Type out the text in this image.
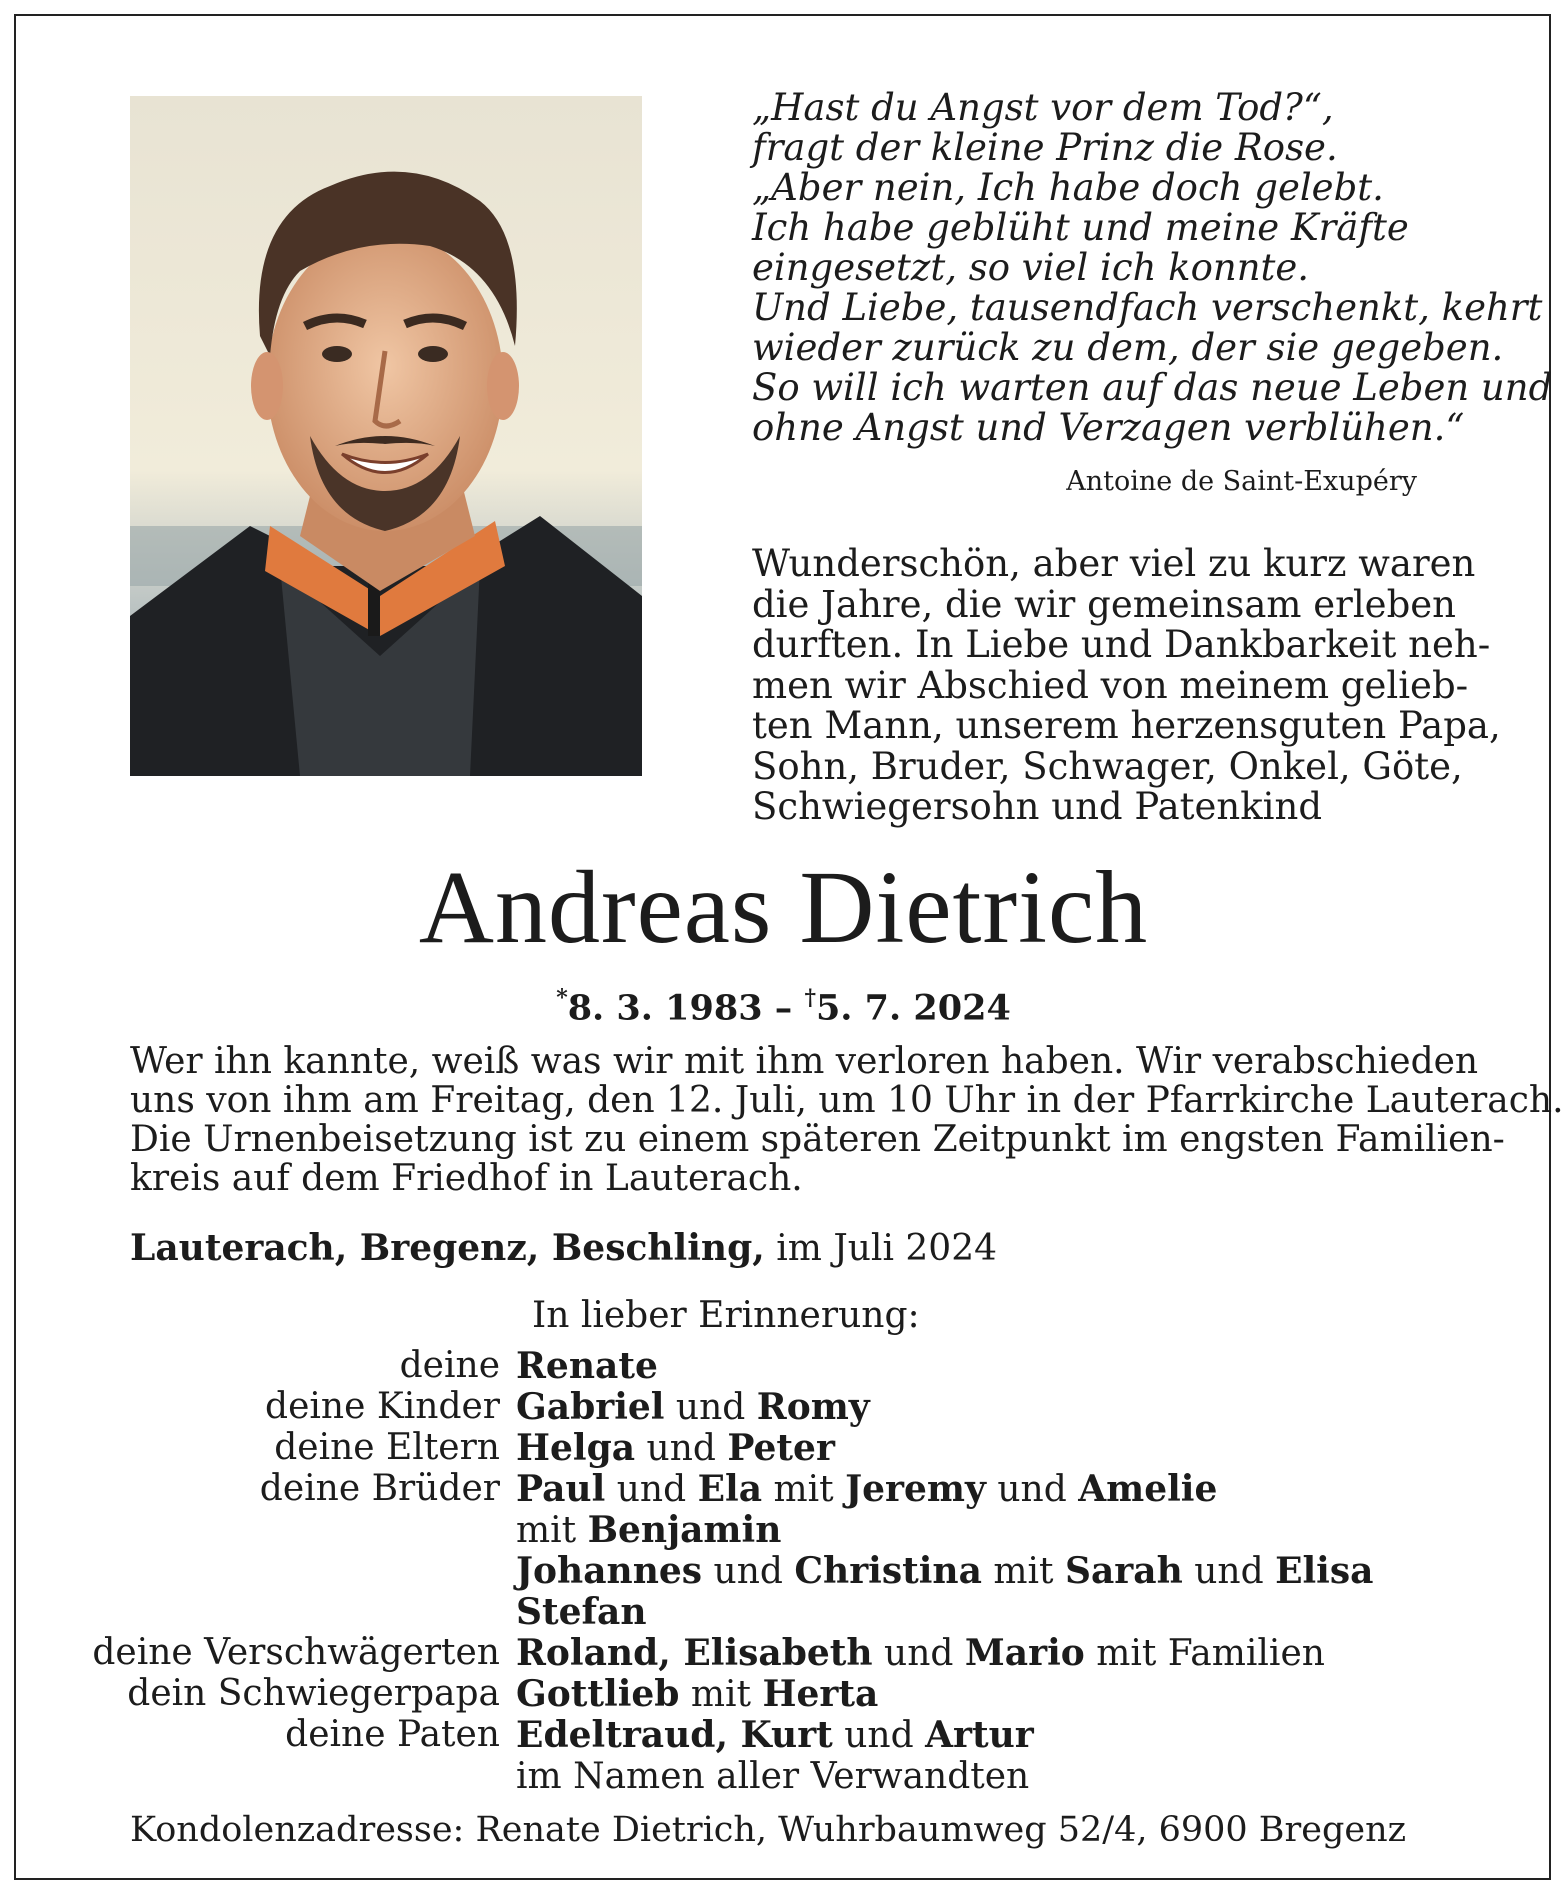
„Hast du Angst vor dem Tod?“,
fragt der kleine Prinz die Rose.
„Aber nein, Ich habe doch gelebt.
Ich habe geblüht und meine Kräfte
eingesetzt, so viel ich konnte.
Und Liebe, tausendfach verschenkt, kehrt
wieder zurück zu dem, der sie gegeben.
So will ich warten auf das neue Leben und
ohne Angst und Verzagen verblühen.“
Antoine de Saint-Exupéry
Wunderschön, aber viel zu kurz waren
die Jahre, die wir gemeinsam erleben
durften. In Liebe und Dankbarkeit neh-
men wir Abschied von meinem gelieb-
ten Mann, unserem herzensguten Papa,
Sohn, Bruder, Schwager, Onkel, Göte,
Schwiegersohn und Patenkind
Andreas Dietrich
*8. 3. 1983 – †5. 7. 2024
Wer ihn kannte, weiß was wir mit ihm verloren haben. Wir verabschieden
uns von ihm am Freitag, den 12. Juli, um 10 Uhr in der Pfarrkirche Lauterach.
Die Urnenbeisetzung ist zu einem späteren Zeitpunkt im engsten Familien-
kreis auf dem Friedhof in Lauterach.
Lauterach, Bregenz, Beschling, im Juli 2024
In lieber Erinnerung:
deine Renate
deine Kinder Gabriel und Romy
deine Eltern Helga und Peter
deine Brüder Paul und Ela mit Jeremy und Amelie
mit Benjamin
Johannes und Christina mit Sarah und Elisa
Stefan
deine Verschwägerten Roland, Elisabeth und Mario mit Familien
dein Schwiegerpapa Gottlieb mit Herta
deine Paten Edeltraud, Kurt und Artur
im Namen aller Verwandten
Kondolenzadresse: Renate Dietrich, Wuhrbaumweg 52/4, 6900 Bregenz
